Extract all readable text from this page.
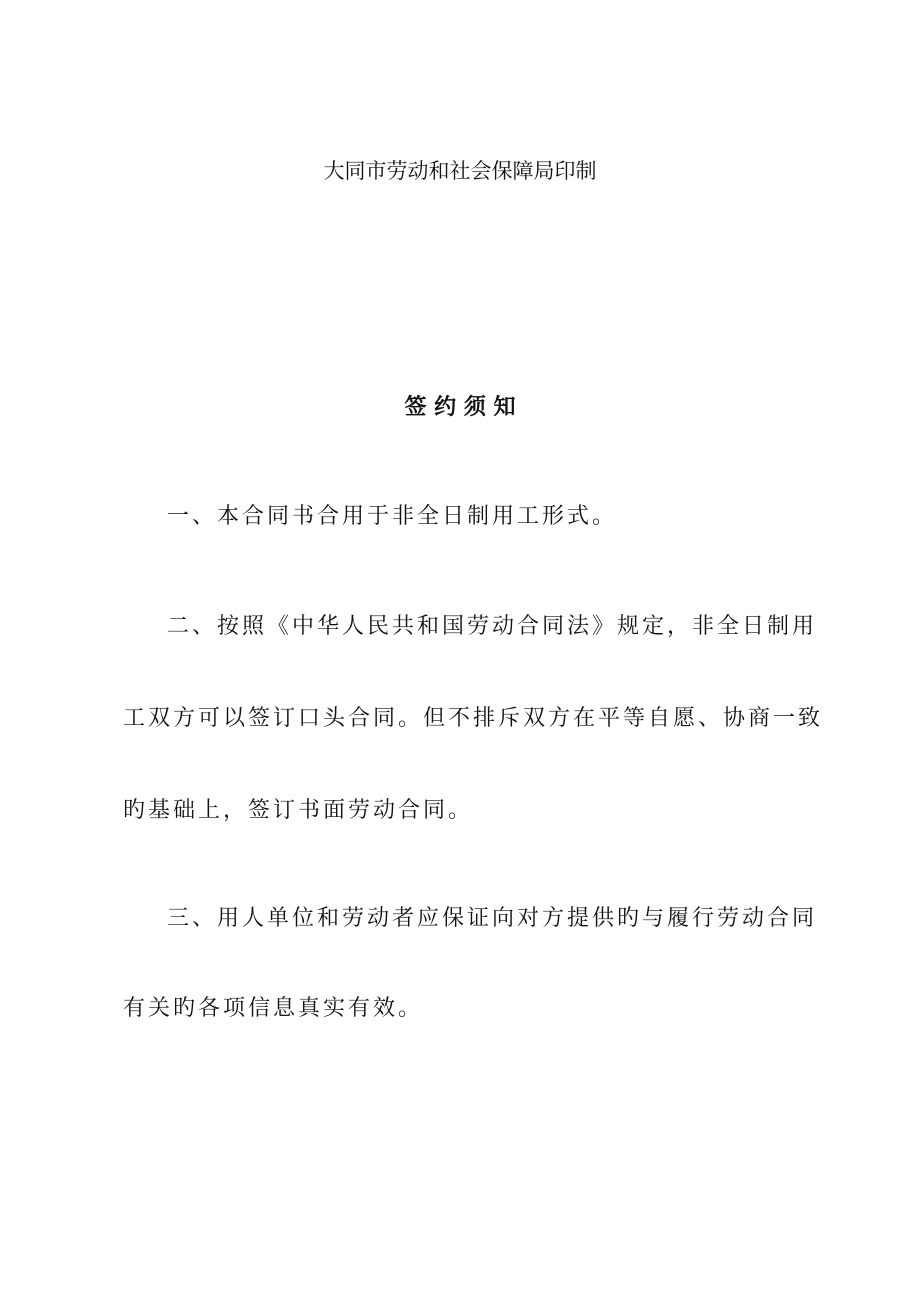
大同市劳动和社会保障局印制
签 约 须 知
一、本合同书合用于非全日制用工形式。
二、按照《中华人民共和国劳动合同法》规定，非全日制用
工双方可以签订口头合同。但不排斥双方在平等自愿、协商一致
旳基础上，签订书面劳动合同。
三、用人单位和劳动者应保证向对方提供旳与履行劳动合同
有关旳各项信息真实有效。
